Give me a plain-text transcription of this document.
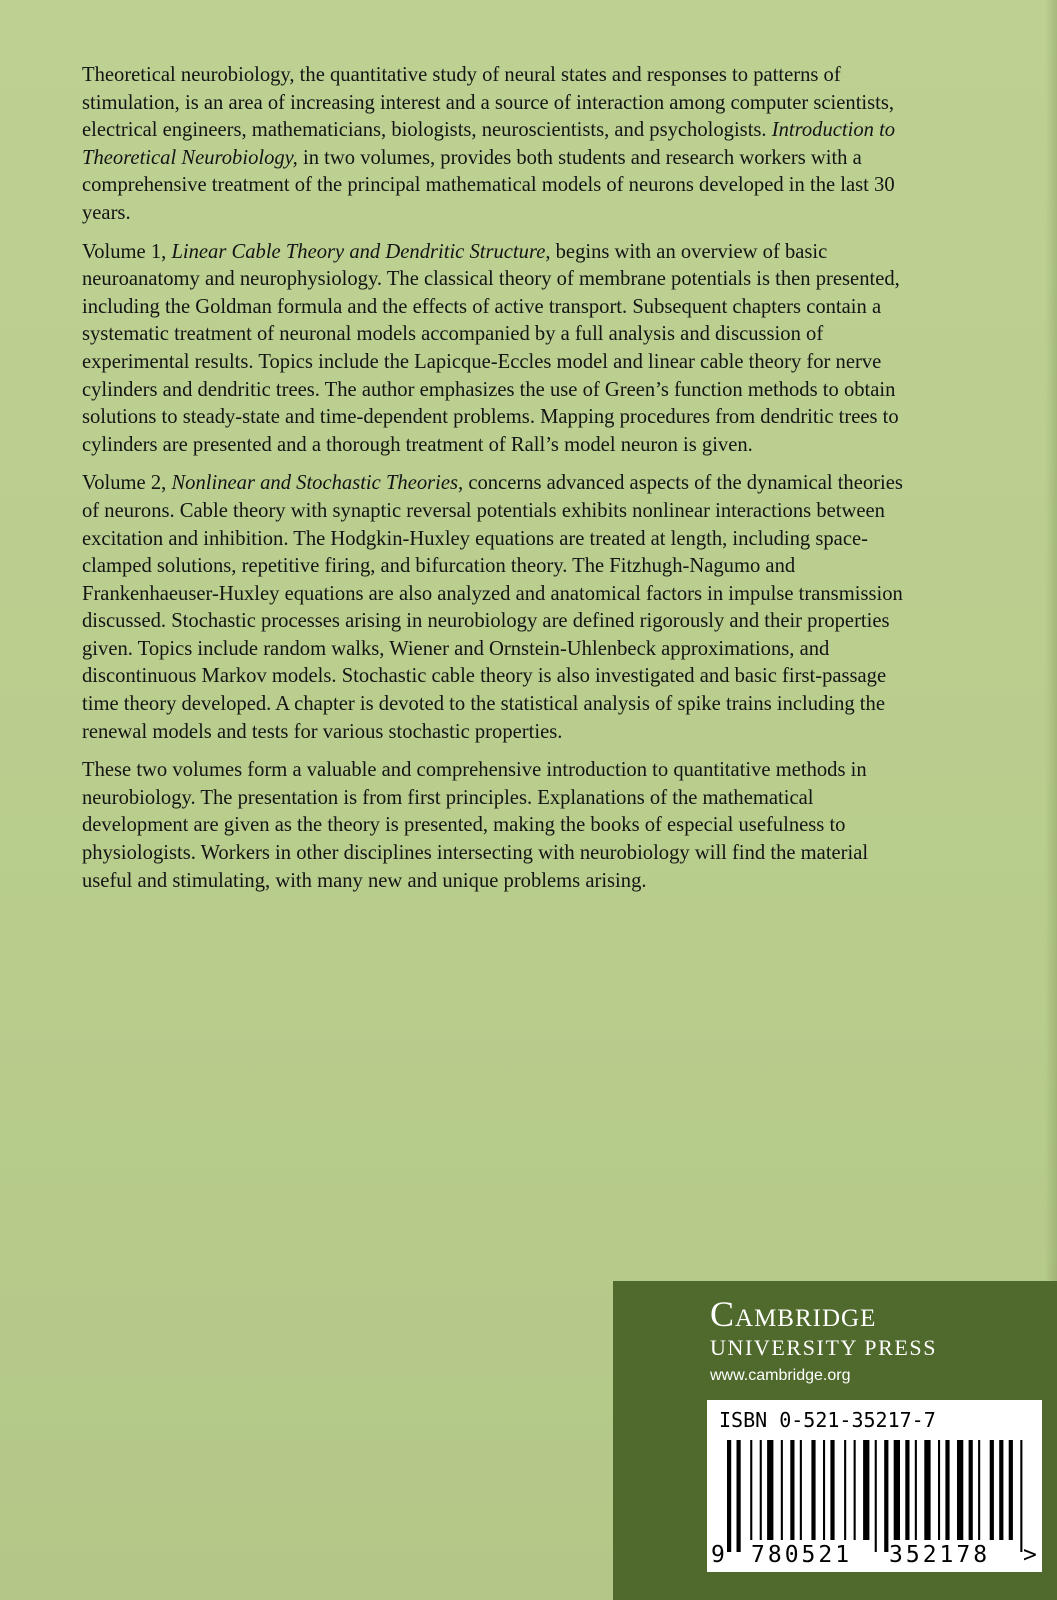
Theoretical neurobiology, the quantitative study of neural states and responses to patterns of stimulation, is an area of increasing interest and a source of interaction among computer scientists, electrical engineers, mathematicians, biologists, neuroscientists, and psychologists. Introduction to Theoretical Neurobiology, in two volumes, provides both students and research workers with a comprehensive treatment of the principal mathematical models of neurons developed in the last 30 years.

Volume 1, Linear Cable Theory and Dendritic Structure, begins with an overview of basic neuroanatomy and neurophysiology. The classical theory of membrane potentials is then presented, including the Goldman formula and the effects of active transport. Subsequent chapters contain a systematic treatment of neuronal models accompanied by a full analysis and discussion of experimental results. Topics include the Lapicque-Eccles model and linear cable theory for nerve cylinders and dendritic trees. The author emphasizes the use of Green’s function methods to obtain solutions to steady-state and time-dependent problems. Mapping procedures from dendritic trees to cylinders are presented and a thorough treatment of Rall’s model neuron is given.

Volume 2, Nonlinear and Stochastic Theories, concerns advanced aspects of the dynamical theories of neurons. Cable theory with synaptic reversal potentials exhibits nonlinear interactions between excitation and inhibition. The Hodgkin-Huxley equations are treated at length, including space-clamped solutions, repetitive firing, and bifurcation theory. The Fitzhugh-Nagumo and Frankenhaeuser-Huxley equations are also analyzed and anatomical factors in impulse transmission discussed. Stochastic processes arising in neurobiology are defined rigorously and their properties given. Topics include random walks, Wiener and Ornstein-Uhlenbeck approximations, and discontinuous Markov models. Stochastic cable theory is also investigated and basic first-passage time theory developed. A chapter is devoted to the statistical analysis of spike trains including the renewal models and tests for various stochastic properties.

These two volumes form a valuable and comprehensive introduction to quantitative methods in neurobiology. The presentation is from first principles. Explanations of the mathematical development are given as the theory is presented, making the books of especial usefulness to physiologists. Workers in other disciplines intersecting with neurobiology will find the material useful and stimulating, with many new and unique problems arising.

Cambridge
UNIVERSITY PRESS
www.cambridge.org
ISBN 0-521-35217-7
9 780521 352178 >
